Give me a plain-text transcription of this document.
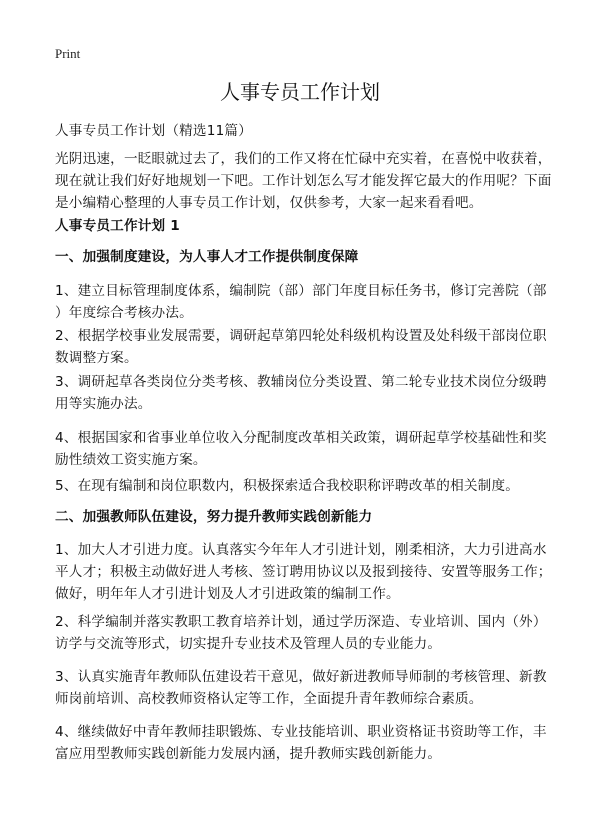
Print
人事专员工作计划
人事专员工作计划（精选11篇）
光阴迅速，一眨眼就过去了，我们的工作又将在忙碌中充实着，在喜悦中收获着，
现在就让我们好好地规划一下吧。工作计划怎么写才能发挥它最大的作用呢？下面
是小编精心整理的人事专员工作计划，仅供参考，大家一起来看看吧。
人事专员工作计划 1
一、加强制度建设，为人事人才工作提供制度保障
1、建立目标管理制度体系，编制院（部）部门年度目标任务书，修订完善院（部
）年度综合考核办法。
2、根据学校事业发展需要，调研起草第四轮处科级机构设置及处科级干部岗位职
数调整方案。
3、调研起草各类岗位分类考核、教辅岗位分类设置、第二轮专业技术岗位分级聘
用等实施办法。
4、根据国家和省事业单位收入分配制度改革相关政策，调研起草学校基础性和奖
励性绩效工资实施方案。
5、在现有编制和岗位职数内，积极探索适合我校职称评聘改革的相关制度。
二、加强教师队伍建设，努力提升教师实践创新能力
1、加大人才引进力度。认真落实今年年人才引进计划，刚柔相济，大力引进高水
平人才；积极主动做好进人考核、签订聘用协议以及报到接待、安置等服务工作；
做好，明年年人才引进计划及人才引进政策的编制工作。
2、科学编制并落实教职工教育培养计划，通过学历深造、专业培训、国内（外）
访学与交流等形式，切实提升专业技术及管理人员的专业能力。
3、认真实施青年教师队伍建设若干意见，做好新进教师导师制的考核管理、新教
师岗前培训、高校教师资格认定等工作，全面提升青年教师综合素质。
4、继续做好中青年教师挂职锻炼、专业技能培训、职业资格证书资助等工作，丰
富应用型教师实践创新能力发展内涵，提升教师实践创新能力。
